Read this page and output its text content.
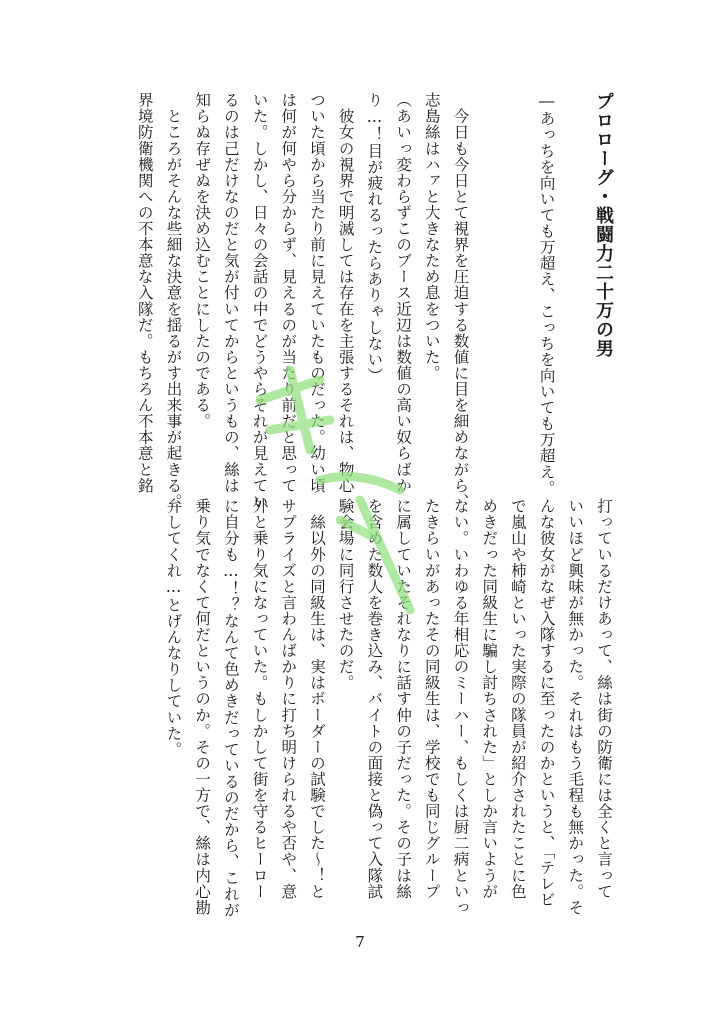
プロローグ・戦闘力二十万の男
―あっちを向いても万超え、こっちを向いても万超え。
　今日も今日とて視界を圧迫する数値に目を細めながら、
志島絲はハァと大きなため息をついた。
（あいっ変わらずこのブース近辺は数値の高い奴らばか
り…！目が疲れるったらありゃしない）
　彼女の視界で明滅しては存在を主張するそれは、物心
ついた頃から当たり前に見えていたものだった。幼い頃
は何が何やら分からず、見えるのが当たり前だと思って
いた。しかし、日々の会話の中でどうやらそれが見えてい
るのは己だけなのだと気が付いてからというもの、絲は
知らぬ存ぜぬを決め込むことにしたのである。
　ところがそんな些細な決意を揺るがす出来事が起きる。
界境防衛機関への不本意な入隊だ。もちろん不本意と銘
打っているだけあって、絲は街の防衛には全くと言って
いいほど興味が無かった。それはもう毛程も無かった。そ
んな彼女がなぜ入隊するに至ったのかというと、「テレビ
で嵐山や柿崎といった実際の隊員が紹介されたことに色
めきだった同級生に騙し討ちされた」としか言いようが
ない。いわゆる年相応のミーハー、もしくは厨二病といっ
たきらいがあったその同級生は、学校でも同じグループ
に属していたそれなりに話す仲の子だった。その子は絲
を含めた数人を巻き込み、バイトの面接と偽って入隊試
験会場に同行させたのだ。
　絲以外の同級生は、実はボーダーの試験でした〜！と
サプライズと言わんばかりに打ち明けられるや否や、意
外と乗り気になっていた。もしかして街を守るヒーロー
に自分も…！？なんて色めきだっているのだから、これが
乗り気でなくて何だというのか。その一方で、絲は内心勘
弁してくれ…とげんなりしていた。
7
